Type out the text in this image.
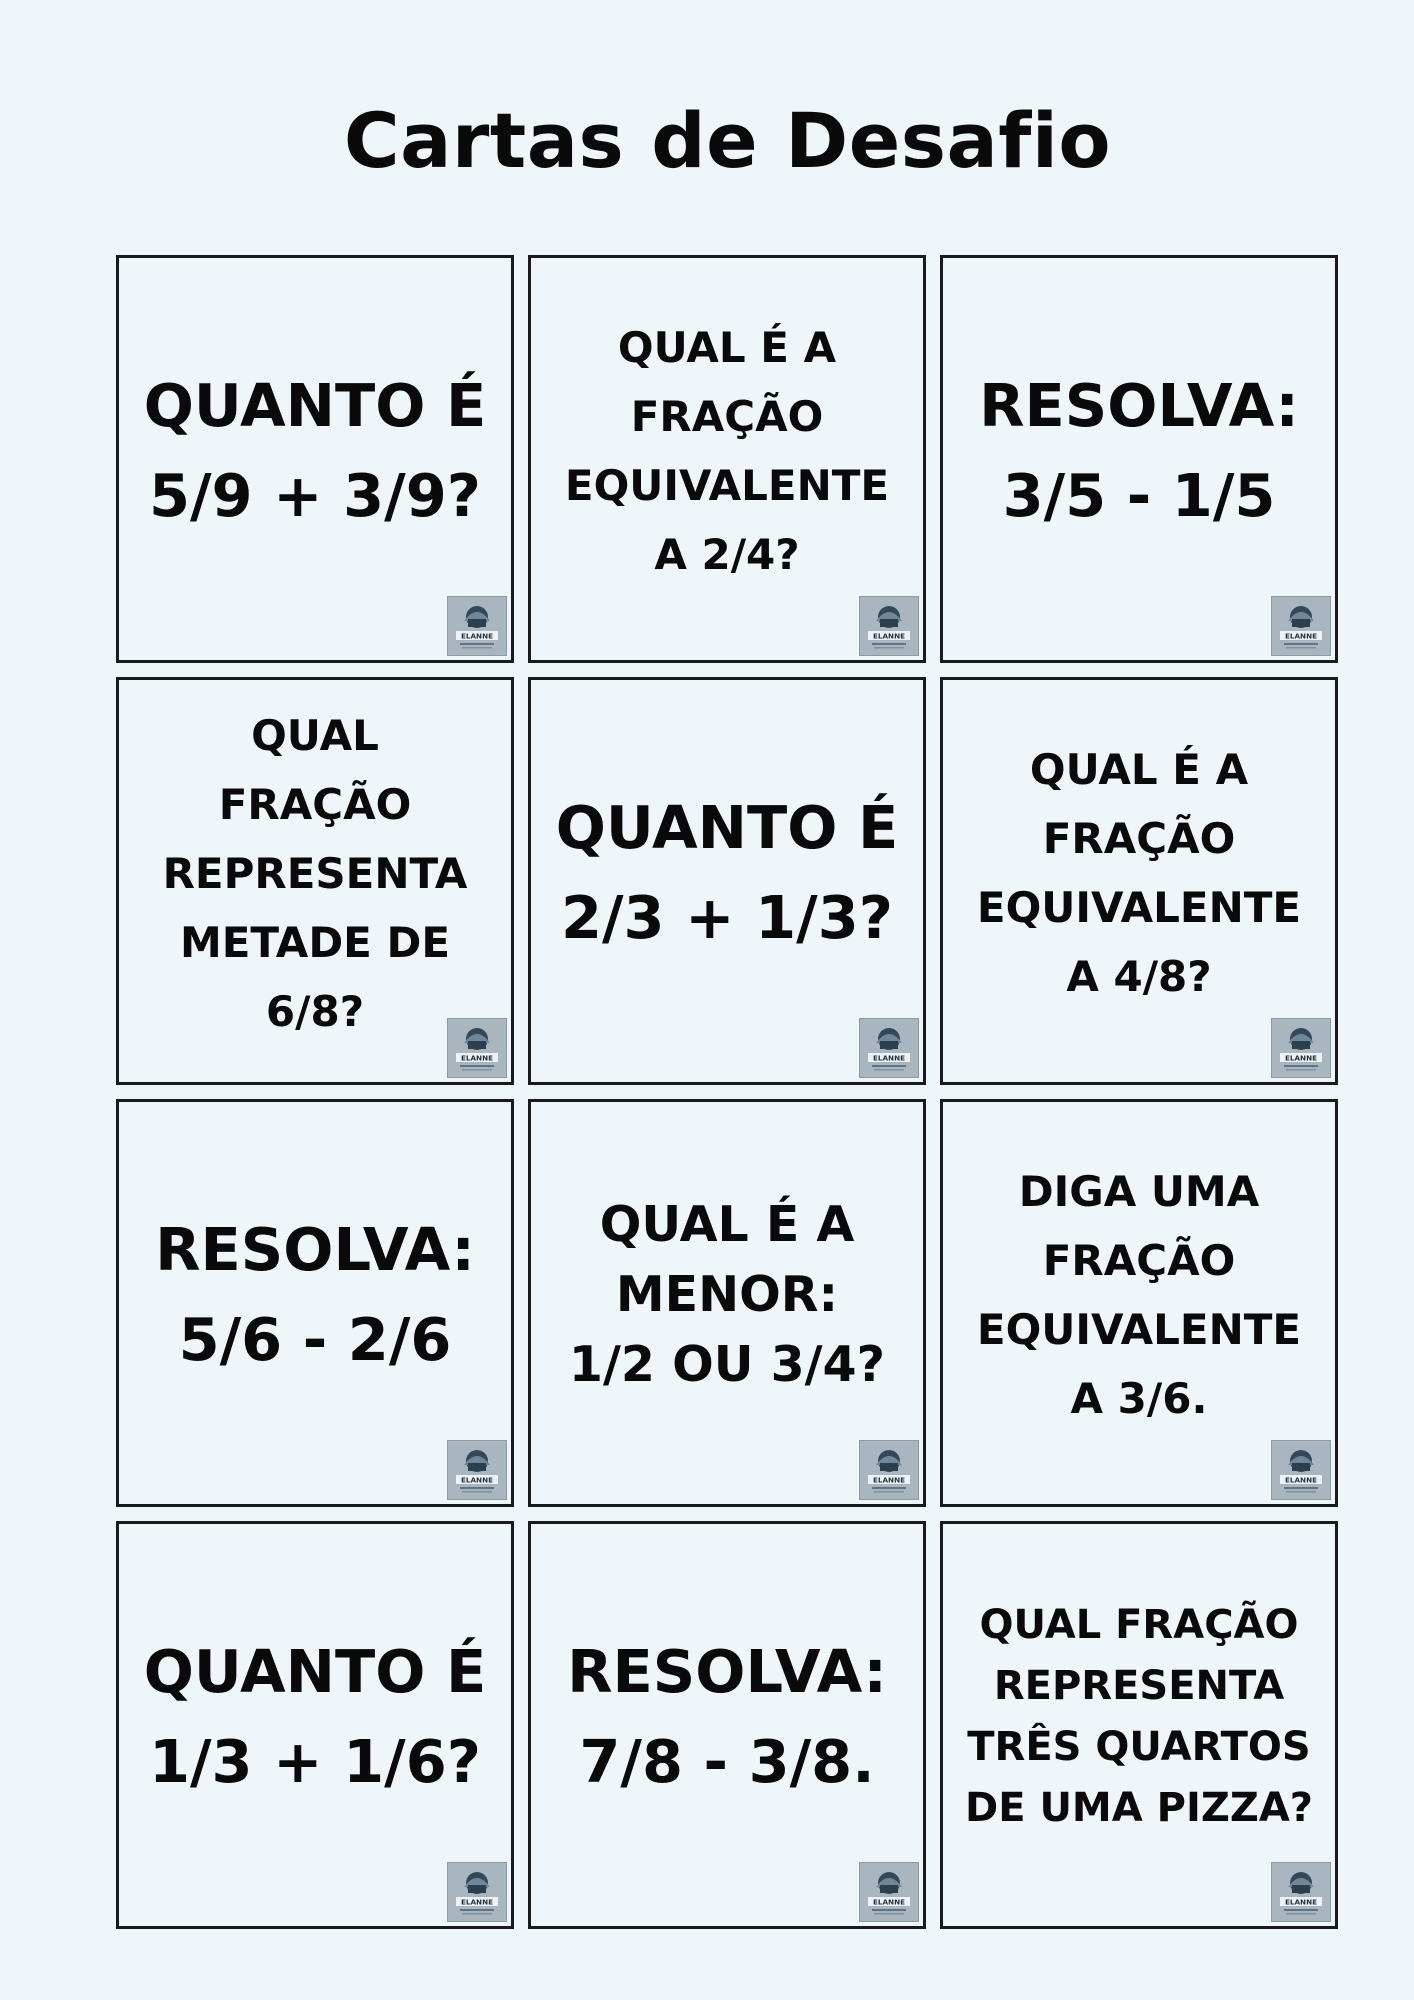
Cartas de Desafio
QUANTO É
5/9 + 3/9?
ELANNE
QUAL É A
FRAÇÃO
EQUIVALENTE
A 2/4?
ELANNE
RESOLVA:
3/5 - 1/5
ELANNE
QUAL
FRAÇÃO
REPRESENTA
METADE DE
6/8?
ELANNE
QUANTO É
2/3 + 1/3?
ELANNE
QUAL É A
FRAÇÃO
EQUIVALENTE
A 4/8?
ELANNE
RESOLVA:
5/6 - 2/6
ELANNE
QUAL É A
MENOR:
1/2 OU 3/4?
ELANNE
DIGA UMA
FRAÇÃO
EQUIVALENTE
A 3/6.
ELANNE
QUANTO É
1/3 + 1/6?
ELANNE
RESOLVA:
7/8 - 3/8.
ELANNE
QUAL FRAÇÃO
REPRESENTA
TRÊS QUARTOS
DE UMA PIZZA?
ELANNE
